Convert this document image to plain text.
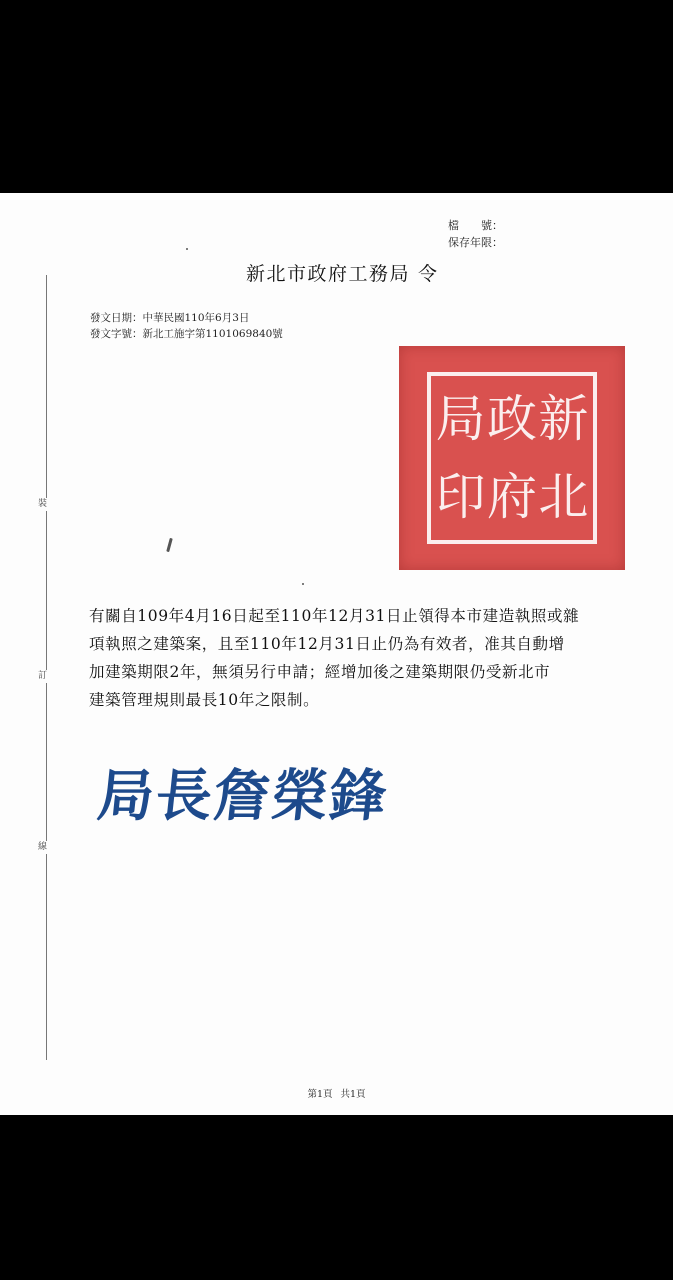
裝
訂
線
檔　　號：
保存年限：
新北市政府工務局 令
發文日期：中華民國110年6月3日
發文字號：新北工施字第1101069840號
局 政 新
印 府 北
有關自109年4月16日起至110年12月31日止領得本市建造執照或雜
項執照之建築案，且至110年12月31日止仍為有效者，准其自動增
加建築期限2年，無須另行申請；經增加後之建築期限仍受新北市
建築管理規則最長10年之限制。
局長詹榮鋒
第1頁 共1頁
